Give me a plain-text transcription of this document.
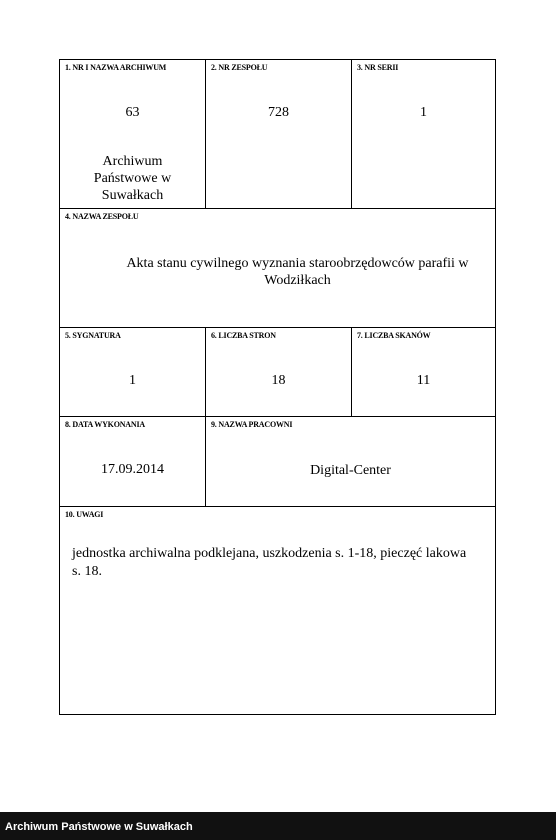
1. NR I NAZWA ARCHIWUM
63
Archiwum
Państwowe w
Suwałkach
2. NR ZESPOŁU
728
3. NR SERII
1
4. NAZWA ZESPOŁU
Akta stanu cywilnego wyznania staroobrzędowców parafii w
Wodziłkach
5. SYGNATURA
1
6. LICZBA STRON
18
7. LICZBA SKANÓW
11
8. DATA WYKONANIA
17.09.2014
9. NAZWA PRACOWNI
Digital-Center
10. UWAGI
jednostka archiwalna podklejana, uszkodzenia s. 1-18, pieczęć lakowa
s. 18.
Archiwum Państwowe w Suwałkach
